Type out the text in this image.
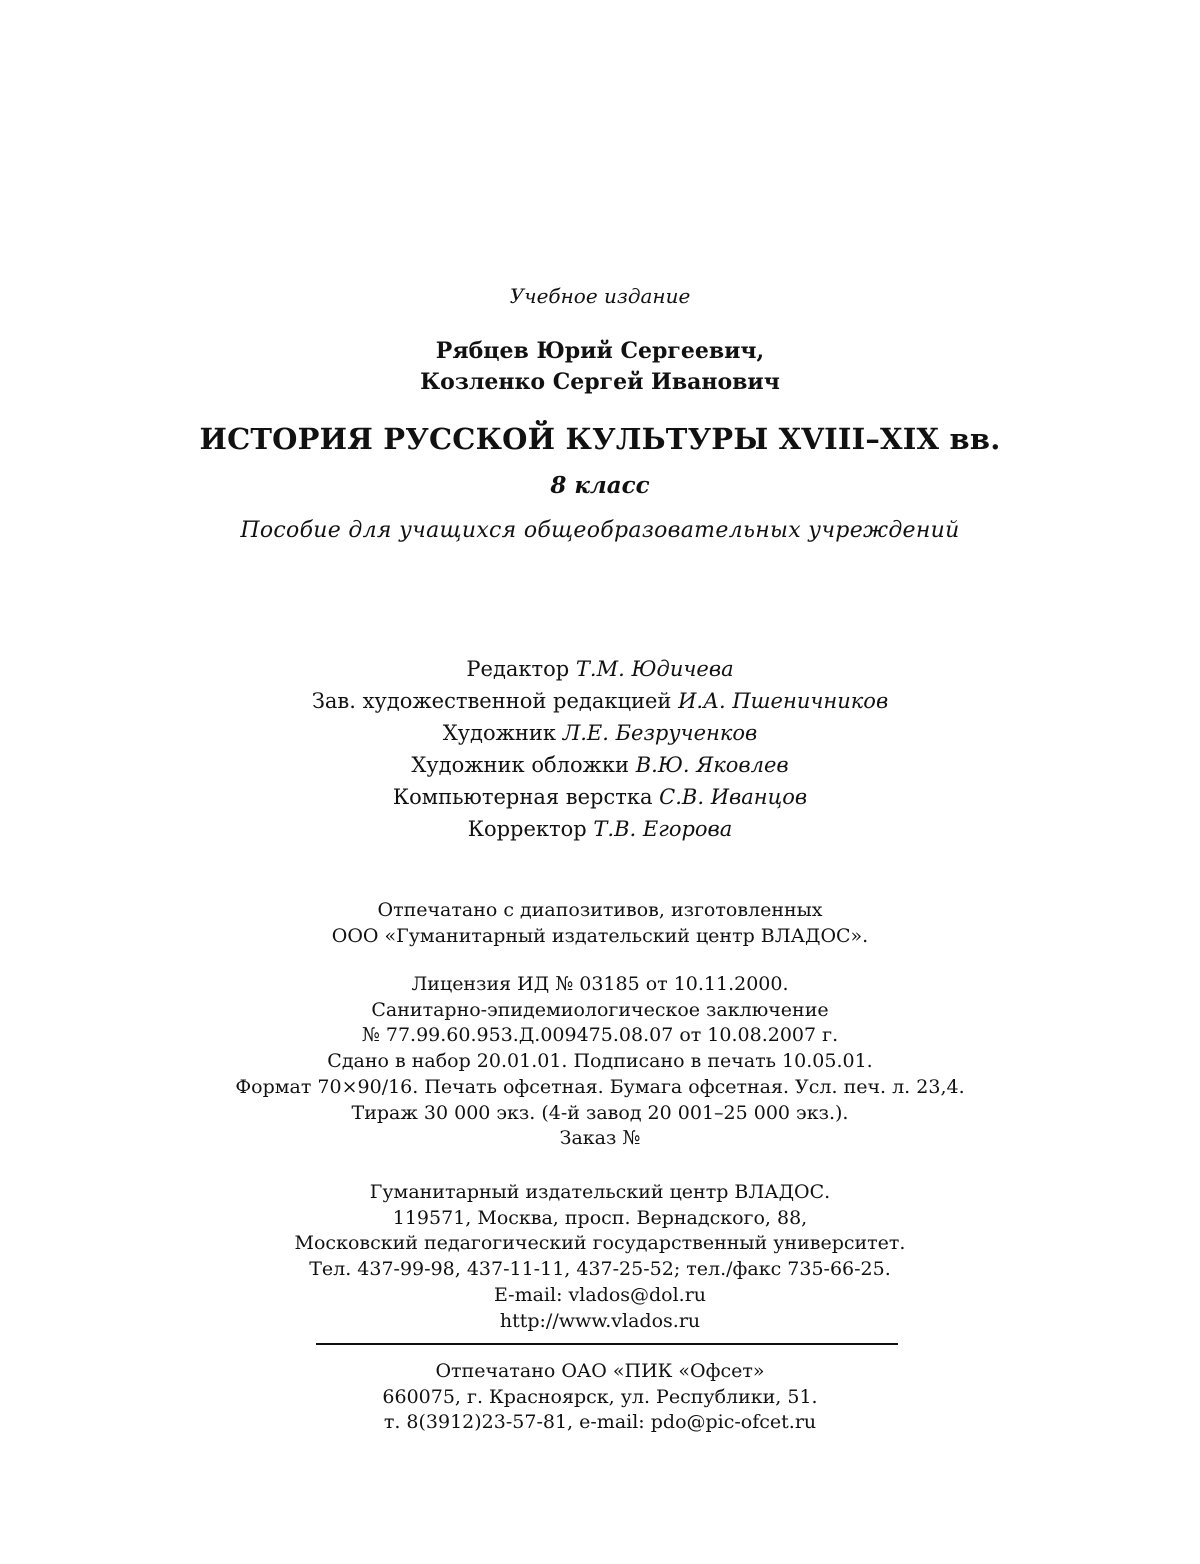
Учебное издание
Рябцев Юрий Сергеевич,
Козленко Сергей Иванович
ИСТОРИЯ РУССКОЙ КУЛЬТУРЫ XVIII–XIX вв.
8 класс
Пособие для учащихся общеобразовательных учреждений
Редактор Т.М. Юдичева
Зав. художественной редакцией И.А. Пшеничников
Художник Л.Е. Безрученков
Художник обложки В.Ю. Яковлев
Компьютерная верстка С.В. Иванцов
Корректор Т.В. Егорова
Отпечатано с диапозитивов, изготовленных
ООО «Гуманитарный издательский центр ВЛАДОС».
Лицензия ИД № 03185 от 10.11.2000.
Санитарно-эпидемиологическое заключение
№ 77.99.60.953.Д.009475.08.07 от 10.08.2007 г.
Сдано в набор 20.01.01. Подписано в печать 10.05.01.
Формат 70×90/16. Печать офсетная. Бумага офсетная. Усл. печ. л. 23,4.
Тираж 30 000 экз. (4-й завод 20 001–25 000 экз.).
Заказ №
Гуманитарный издательский центр ВЛАДОС.
119571, Москва, просп. Вернадского, 88,
Московский педагогический государственный университет.
Тел. 437-99-98, 437-11-11, 437-25-52; тел./факс 735-66-25.
E-mail: vlados@dol.ru
http://www.vlados.ru
Отпечатано ОАО «ПИК «Офсет»
660075, г. Красноярск, ул. Республики, 51.
т. 8(3912)23-57-81, e-mail: pdo@pic-ofcet.ru
